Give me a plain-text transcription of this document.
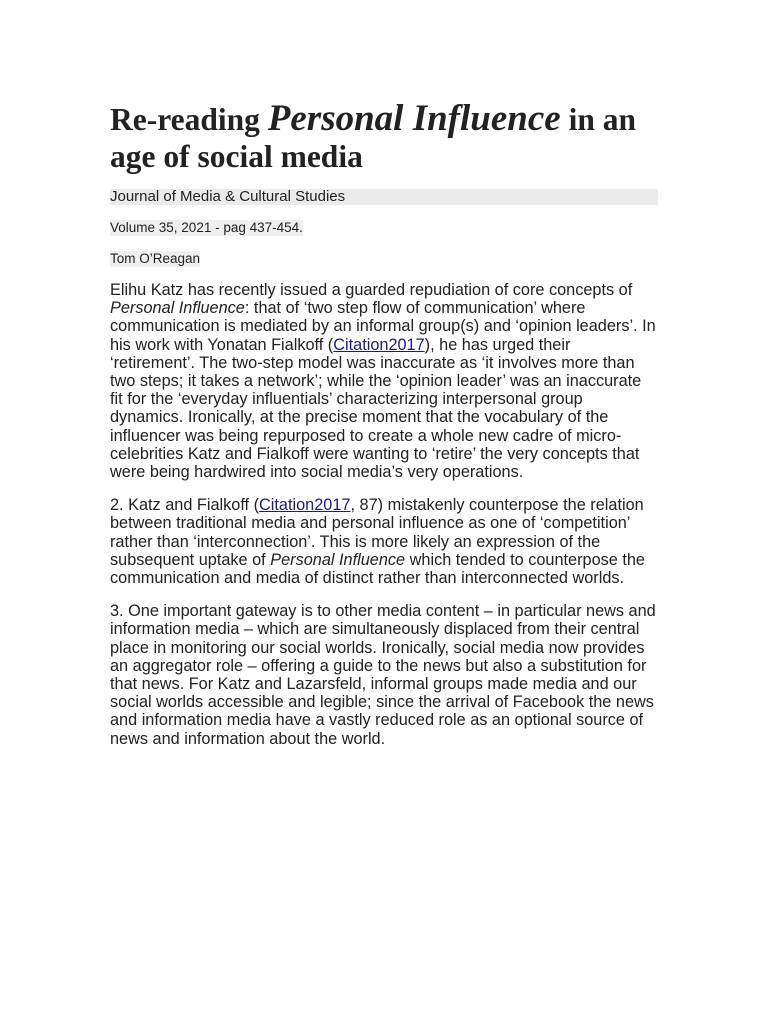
Re-reading Personal Influence in an age of social media
Journal of Media & Cultural Studies
Volume 35, 2021 - pag 437-454.
Tom O’Reagan

Elihu Katz has recently issued a guarded repudiation of core concepts of Personal Influence: that of ‘two step flow of communication’ where communication is mediated by an informal group(s) and ‘opinion leaders’. In his work with Yonatan Fialkoff (Citation2017), he has urged their ‘retirement’. The two-step model was inaccurate as ‘it involves more than two steps; it takes a network’; while the ‘opinion leader’ was an inaccurate fit for the ‘everyday influentials’ characterizing interpersonal group dynamics. Ironically, at the precise moment that the vocabulary of the influencer was being repurposed to create a whole new cadre of micro-celebrities Katz and Fialkoff were wanting to ‘retire’ the very concepts that were being hardwired into social media’s very operations.

2. Katz and Fialkoff (Citation2017, 87) mistakenly counterpose the relation between traditional media and personal influence as one of ‘competition’ rather than ‘interconnection’. This is more likely an expression of the subsequent uptake of Personal Influence which tended to counterpose the communication and media of distinct rather than interconnected worlds.

3. One important gateway is to other media content – in particular news and information media – which are simultaneously displaced from their central place in monitoring our social worlds. Ironically, social media now provides an aggregator role – offering a guide to the news but also a substitution for that news. For Katz and Lazarsfeld, informal groups made media and our social worlds accessible and legible; since the arrival of Facebook the news and information media have a vastly reduced role as an optional source of news and information about the world.
